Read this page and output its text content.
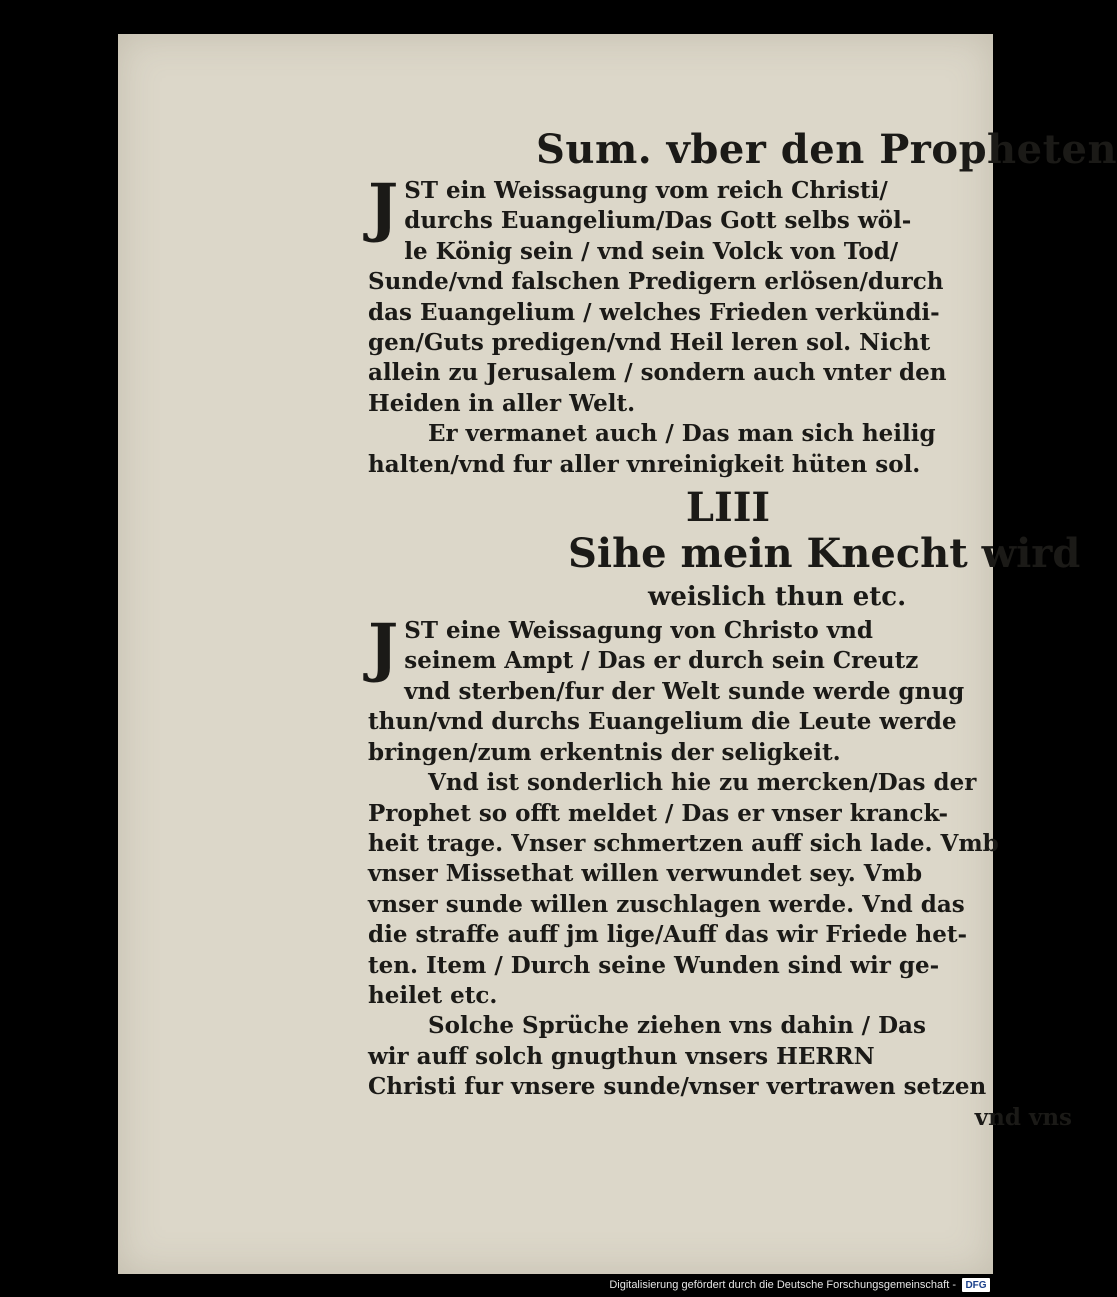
Sum. vber den Propheten
J ST ein Weissagung vom reich Christi/
durchs Euangelium/Das Gott selbs wöl-
le König sein / vnd sein Volck von Tod/
Sunde/vnd falschen Predigern erlösen/durch
das Euangelium / welches Frieden verkündi-
gen/Guts predigen/vnd Heil leren sol. Nicht
allein zu Jerusalem / sondern auch vnter den
Heiden in aller Welt.
Er vermanet auch / Das man sich heilig
halten/vnd fur aller vnreinigkeit hüten sol.
LIII
Sihe mein Knecht wird
weislich thun etc.
J ST eine Weissagung von Christo vnd
seinem Ampt / Das er durch sein Creutz
vnd sterben/fur der Welt sunde werde gnug
thun/vnd durchs Euangelium die Leute werde
bringen/zum erkentnis der seligkeit.
Vnd ist sonderlich hie zu mercken/Das der
Prophet so offt meldet / Das er vnser kranck-
heit trage. Vnser schmertzen auff sich lade. Vmb
vnser Missethat willen verwundet sey. Vmb
vnser sunde willen zuschlagen werde. Vnd das
die straffe auff jm lige/Auff das wir Friede het-
ten. Item / Durch seine Wunden sind wir ge-
heilet etc.
Solche Sprüche ziehen vns dahin / Das
wir auff solch gnugthun vnsers HERRN
Christi fur vnsere sunde/vnser vertrawen setzen
vnd vns
Digitalisierung gefördert durch die Deutsche Forschungsgemeinschaft - DFG
